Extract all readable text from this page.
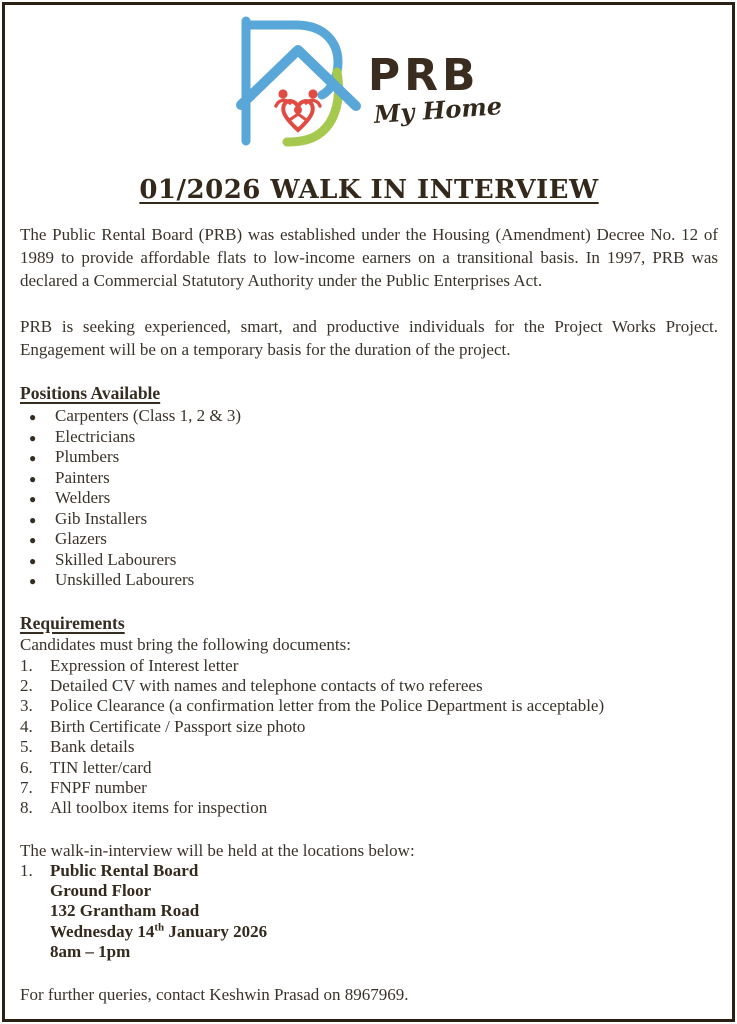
PRB
My Home
01/2026 WALK IN INTERVIEW

The Public Rental Board (PRB) was established under the Housing (Amendment) Decree No. 12 of 1989 to provide affordable flats to low-income earners on a transitional basis. In 1997, PRB was declared a Commercial Statutory Authority under the Public Enterprises Act.

PRB is seeking experienced, smart, and productive individuals for the Project Works Project. Engagement will be on a temporary basis for the duration of the project.

Positions Available
● Carpenters (Class 1, 2 & 3)
● Electricians
● Plumbers
● Painters
● Welders
● Gib Installers
● Glazers
● Skilled Labourers
● Unskilled Labourers
Requirements

Candidates must bring the following documents:

1.	Expression of Interest letter
2.	Detailed CV with names and telephone contacts of two referees
3.	Police Clearance (a confirmation letter from the Police Department is acceptable)
4.	Birth Certificate / Passport size photo
5.	Bank details
6.	TIN letter/card
7.	FNPF number
8.	All toolbox items for inspection

The walk-in-interview will be held at the locations below:

1.	Public Rental Board
Ground Floor
132 Grantham Road
Wednesday 14th January 2026
8am – 1pm

For further queries, contact Keshwin Prasad on 8967969.
